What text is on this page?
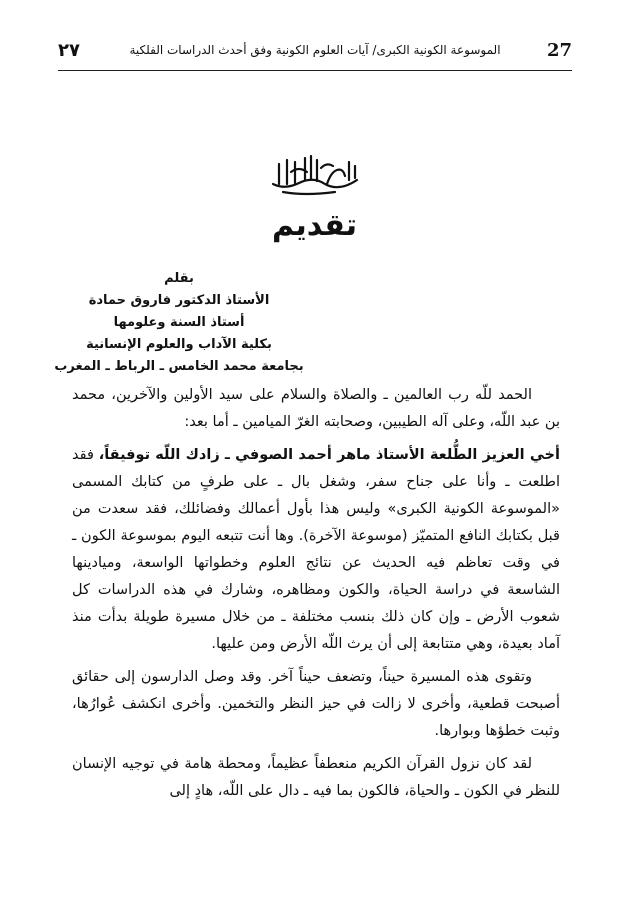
27
الموسوعة الكونية الكبرى/ آيات العلوم الكونية وفق أحدث الدراسات الفلكية
٢٧
تقديم
بقلم
الأستاذ الدكتور فاروق حمادة
أستاذ السنة وعلومها
بكلية الآداب والعلوم الإنسانية
بجامعة محمد الخامس ـ الرباط ـ المغرب

الحمد للّه رب العالمين ـ والصلاة والسلام على سيد الأولين والآخرين، محمد بن عبد اللّه، وعلى آله الطيبين، وصحابته الغرّ الميامين ـ أما بعد:

أخي العزيز الطُّلعة الأستاذ ماهر أحمد الصوفي ـ زادك اللّه توفيقاً، فقد اطلعت ـ وأنا على جناح سفر، وشغل بال ـ على طرفٍ من كتابك المسمى «الموسوعة الكونية الكبرى» وليس هذا بأول أعمالك وفضائلك، فقد سعدت من قبل بكتابك النافع المتميّز (موسوعة الآخرة). وها أنت تتبعه اليوم بموسوعة الكون ـ في وقت تعاظم فيه الحديث عن نتائج العلوم وخطواتها الواسعة، وميادينها الشاسعة في دراسة الحياة، والكون ومظاهره، وشارك في هذه الدراسات كل شعوب الأرض ـ وإن كان ذلك بنسب مختلفة ـ من خلال مسيرة طويلة بدأت منذ آماد بعيدة، وهي متتابعة إلى أن يرث اللّه الأرض ومن عليها.

وتقوى هذه المسيرة حيناً، وتضعف حيناً آخر. وقد وصل الدارسون إلى حقائق أصبحت قطعية، وأخرى لا زالت في حيز النظر والتخمين. وأخرى انكشف عُوارُها، وثبت خطؤها وبوارها.

لقد كان نزول القرآن الكريم منعطفاً عظيماً، ومحطة هامة في توجيه الإنسان للنظر في الكون ـ والحياة، فالكون بما فيه ـ دال على اللّه، هادٍ إلى
